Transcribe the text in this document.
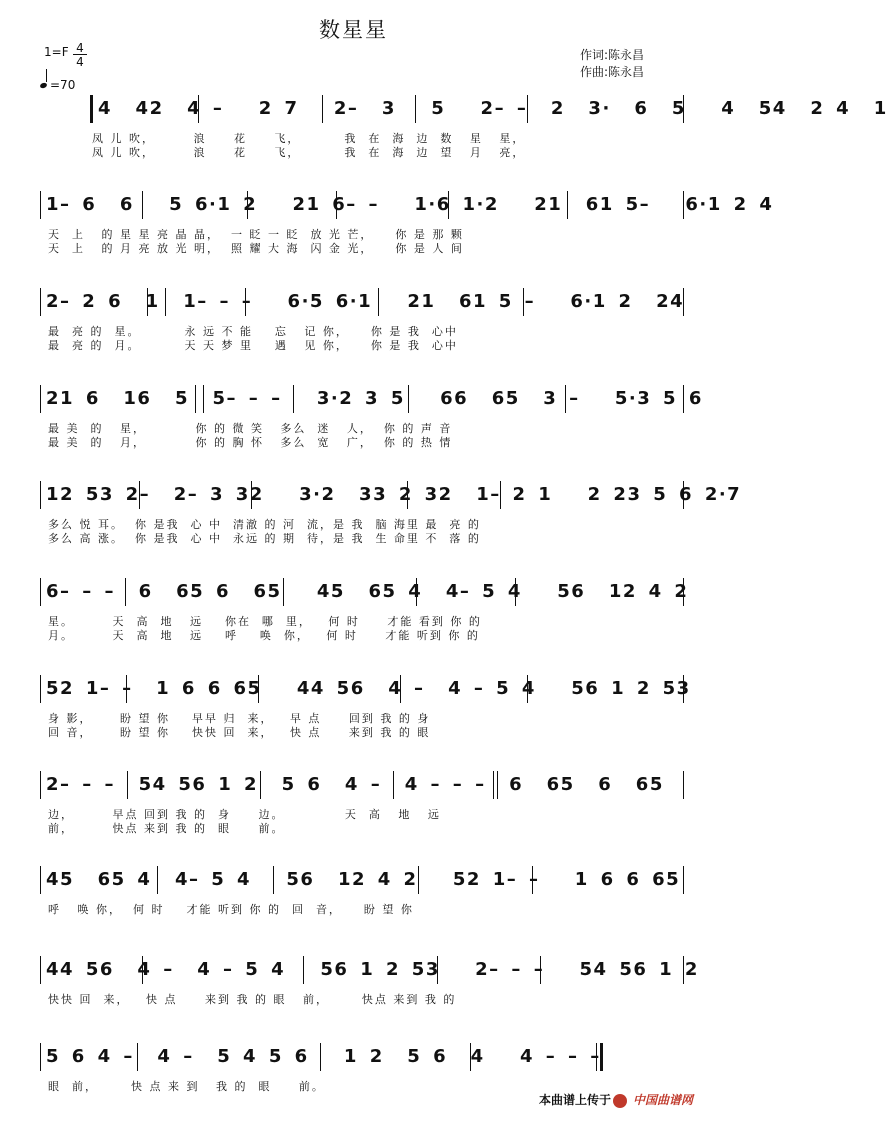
数星星
$1=F \frac{4}{4}$
=70
作词:陈永昌
作曲:陈永昌
4  42  4 –   2 7   2–  3   5   2– –  2  3·  6  5   4  54  2 4  1
凤 儿 吹，       浪     花     飞，        我  在  海  边  数   星   星，
凤 儿 吹，       浪     花     飞，        我  在  海  边  望   月   亮，
1– 6  6   5 6·1 2   21 6– –   1·6 1·2   21  61 5–   6·1 2 4
天  上   的 星 星 亮 晶 晶，  一 眨 一 眨  放 光 芒，    你 是 那 颗
天  上   的 月 亮 放 光 明，  照 耀 大 海  闪 金 光，    你 是 人 间
2– 2 6  1  1– – –   6·5 6·1   21  61 5 –   6·1 2  24
最  亮 的  星。        永 远 不 能    忘   记 你，    你 是 我  心中
最  亮 的  月。        天 天 梦 里    遇   见 你，    你 是 我  心中
21 6  16  5  5– – –   3·2 3 5   66  65  3 –   5·3 5 6
最 美  的   星，         你 的 微 笑   多么  迷   人，  你 的 声 音
最 美  的   月，         你 的 胸 怀   多么  宽   广，  你 的 热 情
12 53 2–  2– 3 32   3·2  33 2 32  1– 2 1   2 23 5 6 2·7
多么 悦 耳。  你 是我  心 中  清澈 的 河  流，是 我  脑 海里 最  亮 的
多么 高 涨。  你 是我  心 中  永远 的 期  待，是 我  生 命里 不  落 的
6– – –  6  65 6  65   45  65 4  4– 5 4   56  12 4 2
星。       天  高  地   远    你在  哪  里，   何 时     才能 看到 你 的
月。       天  高  地   远    呼    唤  你，   何 时     才能 听到 你 的
52 1– –  1 6 6 65   44 56  4 –  4 – 5 4   56 1 2 53
身 影，     盼 望 你    早早 归  来，   早 点     回到 我 的 身
回 音，     盼 望 你    快快 回  来，   快 点     来到 我 的 眼
2– – –  54 56 1 2  5 6  4 –  4 – – –  6  65  6  65
边，       早点 回到 我 的  身     边。           天  高   地   远
前，       快点 来到 我 的  眼     前。
45  65 4  4– 5 4   56  12 4 2   52 1– –   1 6 6 65
呼   唤 你，  何 时    才能 听到 你 的  回  音，    盼 望 你
44 56  4 –  4 – 5 4   56 1 2 53   2– – –   54 56 1 2
快快 回  来，   快 点     来到 我 的 眼   前，      快点 来到 我 的
5 6 4 –  4 –  5 4 5 6   1 2  5 6  4   4 – – –
眼  前，      快 点 来 到   我 的  眼     前。
本曲谱上传于 中国曲谱网
